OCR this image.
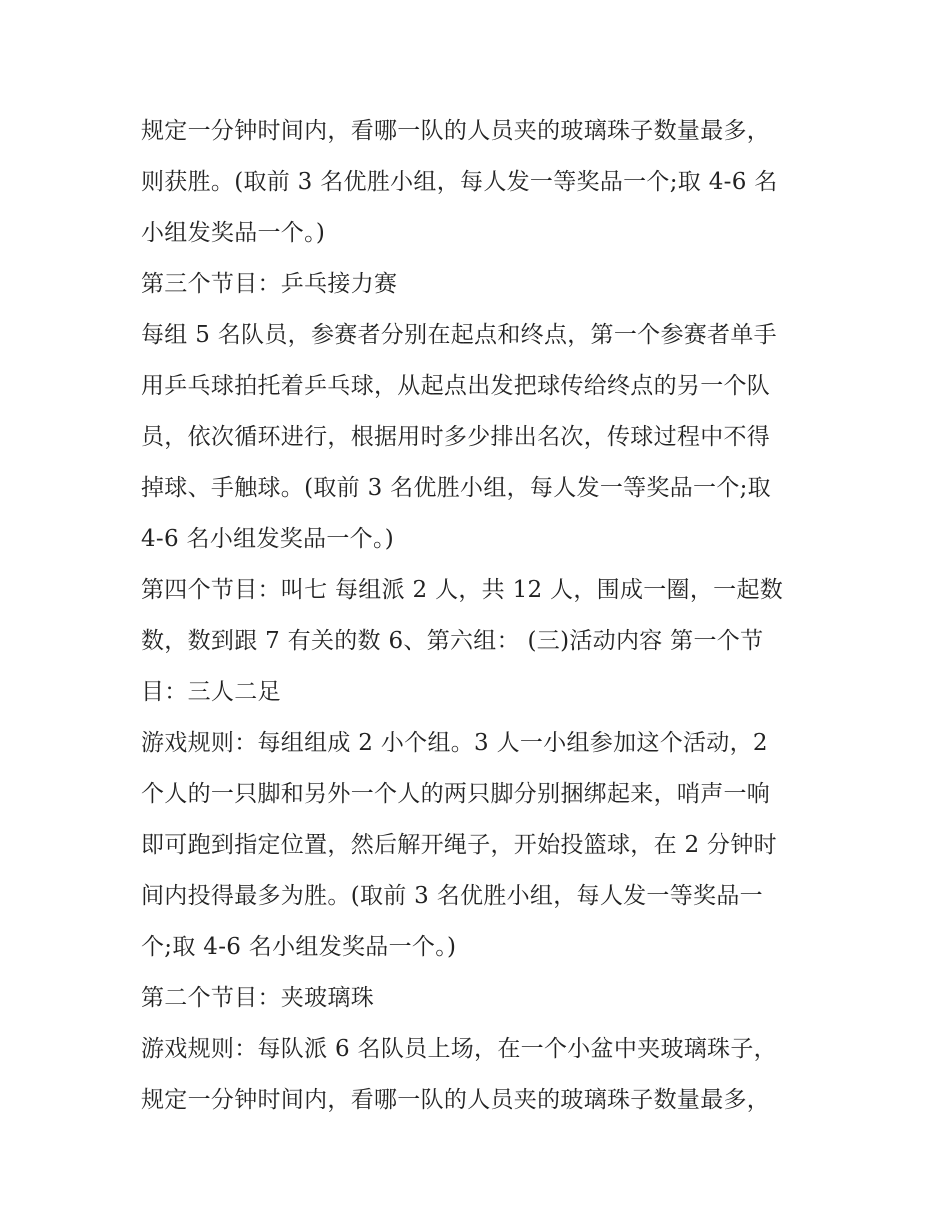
规定一分钟时间内，看哪一队的人员夹的玻璃珠子数量最多，
则获胜。(取前 3 名优胜小组，每人发一等奖品一个;取 4-6 名
小组发奖品一个。)
第三个节目：乒乓接力赛
每组 5 名队员，参赛者分别在起点和终点，第一个参赛者单手
用乒乓球拍托着乒乓球，从起点出发把球传给终点的另一个队
员，依次循环进行，根据用时多少排出名次，传球过程中不得
掉球、手触球。(取前 3 名优胜小组，每人发一等奖品一个;取
4-6 名小组发奖品一个。)
第四个节目：叫七 每组派 2 人，共 12 人，围成一圈，一起数
数，数到跟 7 有关的数 6、第六组： (三)活动内容 第一个节
目：三人二足
游戏规则：每组组成 2 小个组。3 人一小组参加这个活动，2
个人的一只脚和另外一个人的两只脚分别捆绑起来，哨声一响
即可跑到指定位置，然后解开绳子，开始投篮球，在 2 分钟时
间内投得最多为胜。(取前 3 名优胜小组，每人发一等奖品一
个;取 4-6 名小组发奖品一个。)
第二个节目：夹玻璃珠
游戏规则：每队派 6 名队员上场，在一个小盆中夹玻璃珠子，
规定一分钟时间内，看哪一队的人员夹的玻璃珠子数量最多，
